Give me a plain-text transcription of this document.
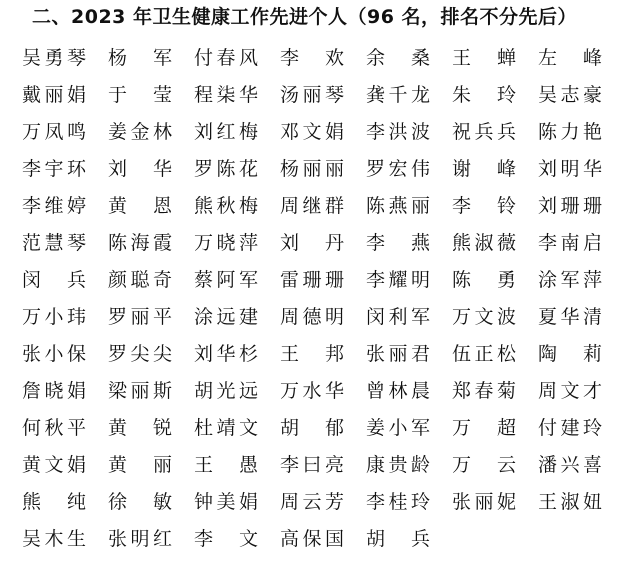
二、2023 年卫生健康工作先进个人（96 名，排名不分先后）
吴 勇 琴 杨 军 付 春 风 李 欢 余 桑 王 蝉 左 峰
戴 丽 娟 于 莹 程 柒 华 汤 丽 琴 龚 千 龙 朱 玲 吴 志 豪
万 凤 鸣 姜 金 林 刘 红 梅 邓 文 娟 李 洪 波 祝 兵 兵 陈 力 艳
李 宇 环 刘 华 罗 陈 花 杨 丽 丽 罗 宏 伟 谢 峰 刘 明 华
李 维 婷 黄 恩 熊 秋 梅 周 继 群 陈 燕 丽 李 铃 刘 珊 珊
范 慧 琴 陈 海 霞 万 晓 萍 刘 丹 李 燕 熊 淑 薇 李 南 启
闵 兵 颜 聪 奇 蔡 阿 军 雷 珊 珊 李 耀 明 陈 勇 涂 军 萍
万 小 玮 罗 丽 平 涂 远 建 周 德 明 闵 利 军 万 文 波 夏 华 清
张 小 保 罗 尖 尖 刘 华 杉 王 邦 张 丽 君 伍 正 松 陶 莉
詹 晓 娟 梁 丽 斯 胡 光 远 万 水 华 曾 林 晨 郑 春 菊 周 文 才
何 秋 平 黄 锐 杜 靖 文 胡 郁 姜 小 军 万 超 付 建 玲
黄 文 娟 黄 丽 王 愚 李 曰 亮 康 贵 龄 万 云 潘 兴 喜
熊 纯 徐 敏 钟 美 娟 周 云 芳 李 桂 玲 张 丽 妮 王 淑 妞
吴 木 生 张 明 红 李 文 高 保 国 胡 兵
